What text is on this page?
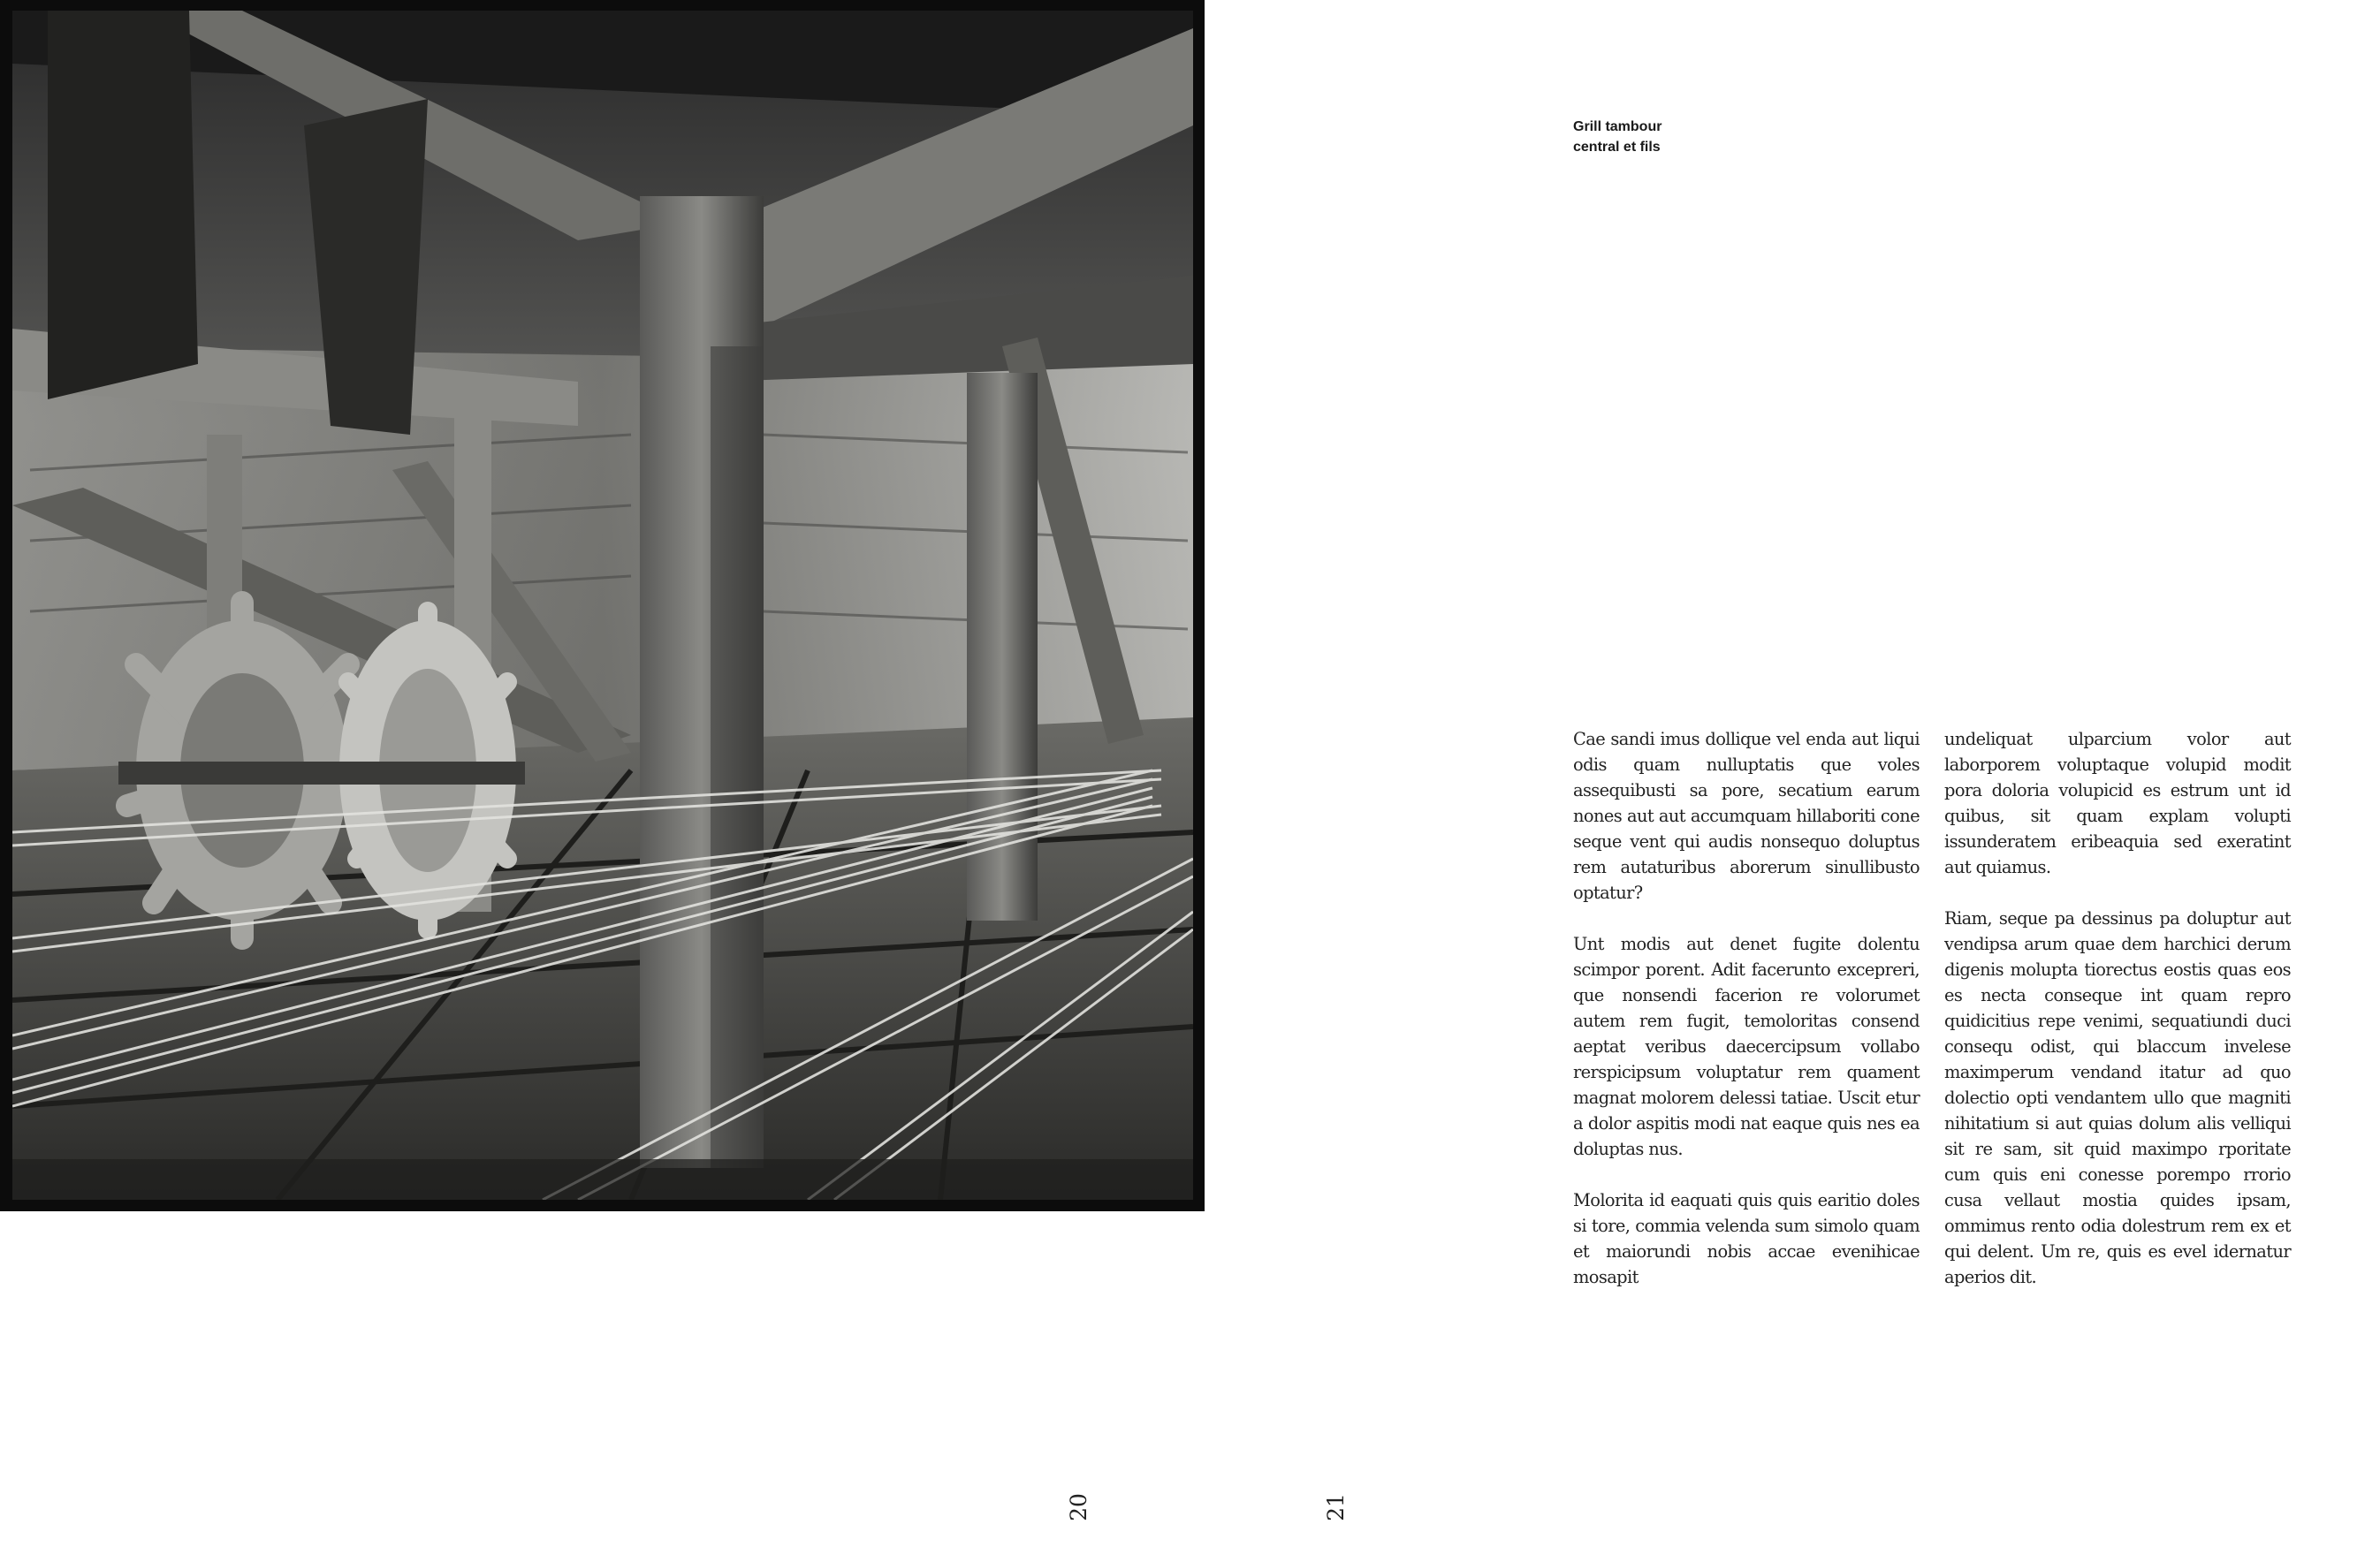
Grill tambour
central et fils

Cae sandi imus dollique vel enda aut liqui odis quam nulluptatis que voles assequibusti sa pore, secatium earum nones aut aut accumquam hillaboriti cone seque vent qui audis nonsequo doluptus rem autaturibus aborerum sinullibusto optatur?

Unt modis aut denet fugite dolentu scimpor porent. Adit facerunto excepreri, que nonsendi facerion re volorumet autem rem fugit, temoloritas consend aeptat veribus daecercipsum vollabo rerspicipsum voluptatur rem quament magnat molorem delessi tatiae. Uscit etur a dolor aspitis modi nat eaque quis nes ea doluptas nus.

Molorita id eaquati quis quis earitio doles si tore, commia velenda sum simolo quam et maiorundi nobis accae evenihicae mosapit

undeliquat ulparcium volor aut laborporem voluptaque volupid modit pora doloria volupicid es estrum unt id quibus, sit quam explam volupti issunderatem eribeaquia sed exeratint aut quiamus.

Riam, seque pa dessinus pa doluptur aut vendipsa arum quae dem harchici derum digenis molupta tiorectus eostis quas eos es necta conseque int quam repro quidicitius repe venimi, sequatiundi duci consequ odist, qui blaccum invelese maximperum vendand itatur ad quo dolectio opti vendantem ullo que magniti nihitatium si aut quias dolum alis velliqui sit re sam, sit quid maximpo rporitate cum quis eni conesse porempo rrorio cusa vellaut mostia quides ipsam, ommimus rento odia dolestrum rem ex et qui delent. Um re, quis es evel idernatur aperios dit.

20	21
